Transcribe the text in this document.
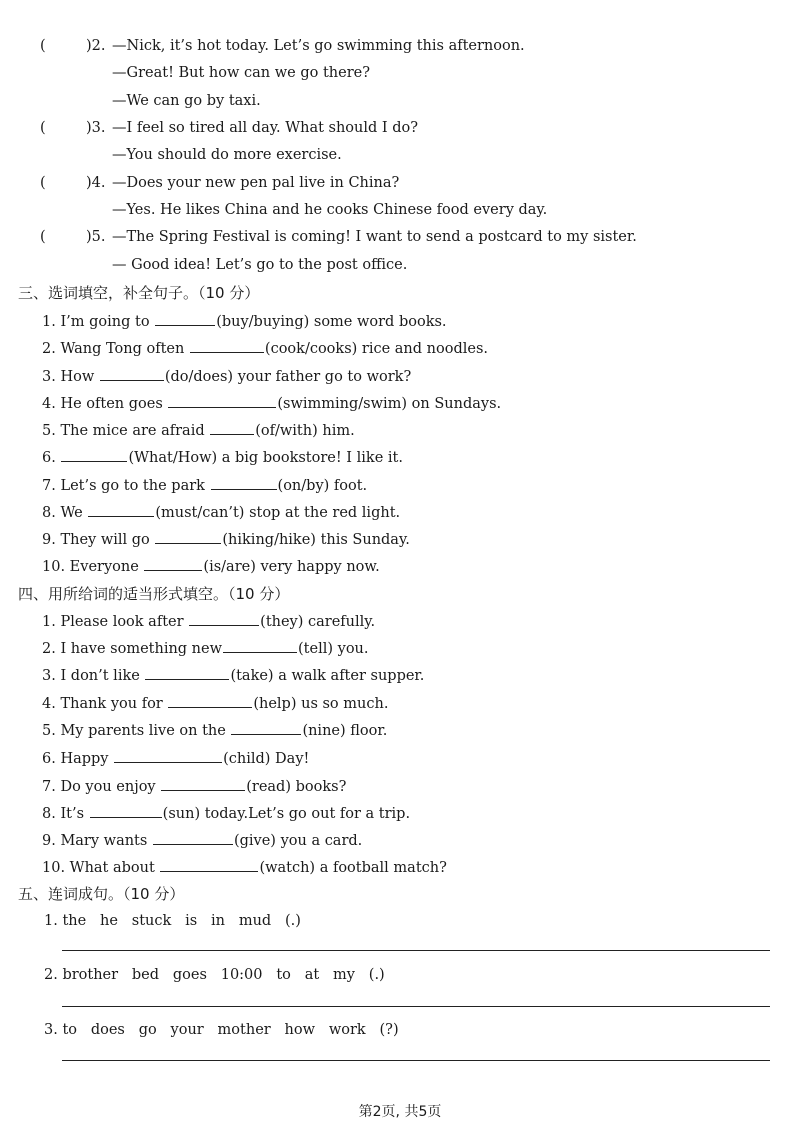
(	)2. —Nick, it’s hot today. Let’s go swimming this afternoon.
—Great! But how can we go there?
—We can go by taxi.
(	)3. —I feel so tired all day. What should I do?
—You should do more exercise.
(	)4. —Does your new pen pal live in China?
—Yes. He likes China and he cooks Chinese food every day.
(	)5. —The Spring Festival is coming! I want to send a postcard to my sister.
— Good idea! Let’s go to the post office.
三、选词填空，补全句子。（10 分）
1. I’m going to	(buy/buying) some word books.
2. Wang Tong often	(cook/cooks) rice and noodles.
3. How	(do/does) your father go to work?
4. He often goes	(swimming/swim) on Sundays.
5. The mice are afraid	(of/with) him.
6.	(What/How) a big bookstore! I like it.
7. Let’s go to the park	(on/by) foot.
8. We	(must/can’t) stop at the red light.
9. They will go	(hiking/hike) this Sunday.
10. Everyone	(is/are) very happy now.
四、用所给词的适当形式填空。（10 分）
1. Please look after	(they) carefully.
2. I have something new	(tell) you.
3. I don’t like	(take) a walk after supper.
4. Thank you for	(help) us so much.
5. My parents live on the	(nine) floor.
6. Happy	(child) Day!
7. Do you enjoy	(read) books?
8. It’s	(sun) today.Let’s go out for a trip.
9. Mary wants	(give) you a card.
10. What about	(watch) a football match?
五、连词成句。（10 分）
1. the   he   stuck   is   in   mud   (.)
2. brother   bed   goes   10:00   to   at   my   (.)
3. to   does   go   your   mother   how   work   (?)
第2页, 共5页
